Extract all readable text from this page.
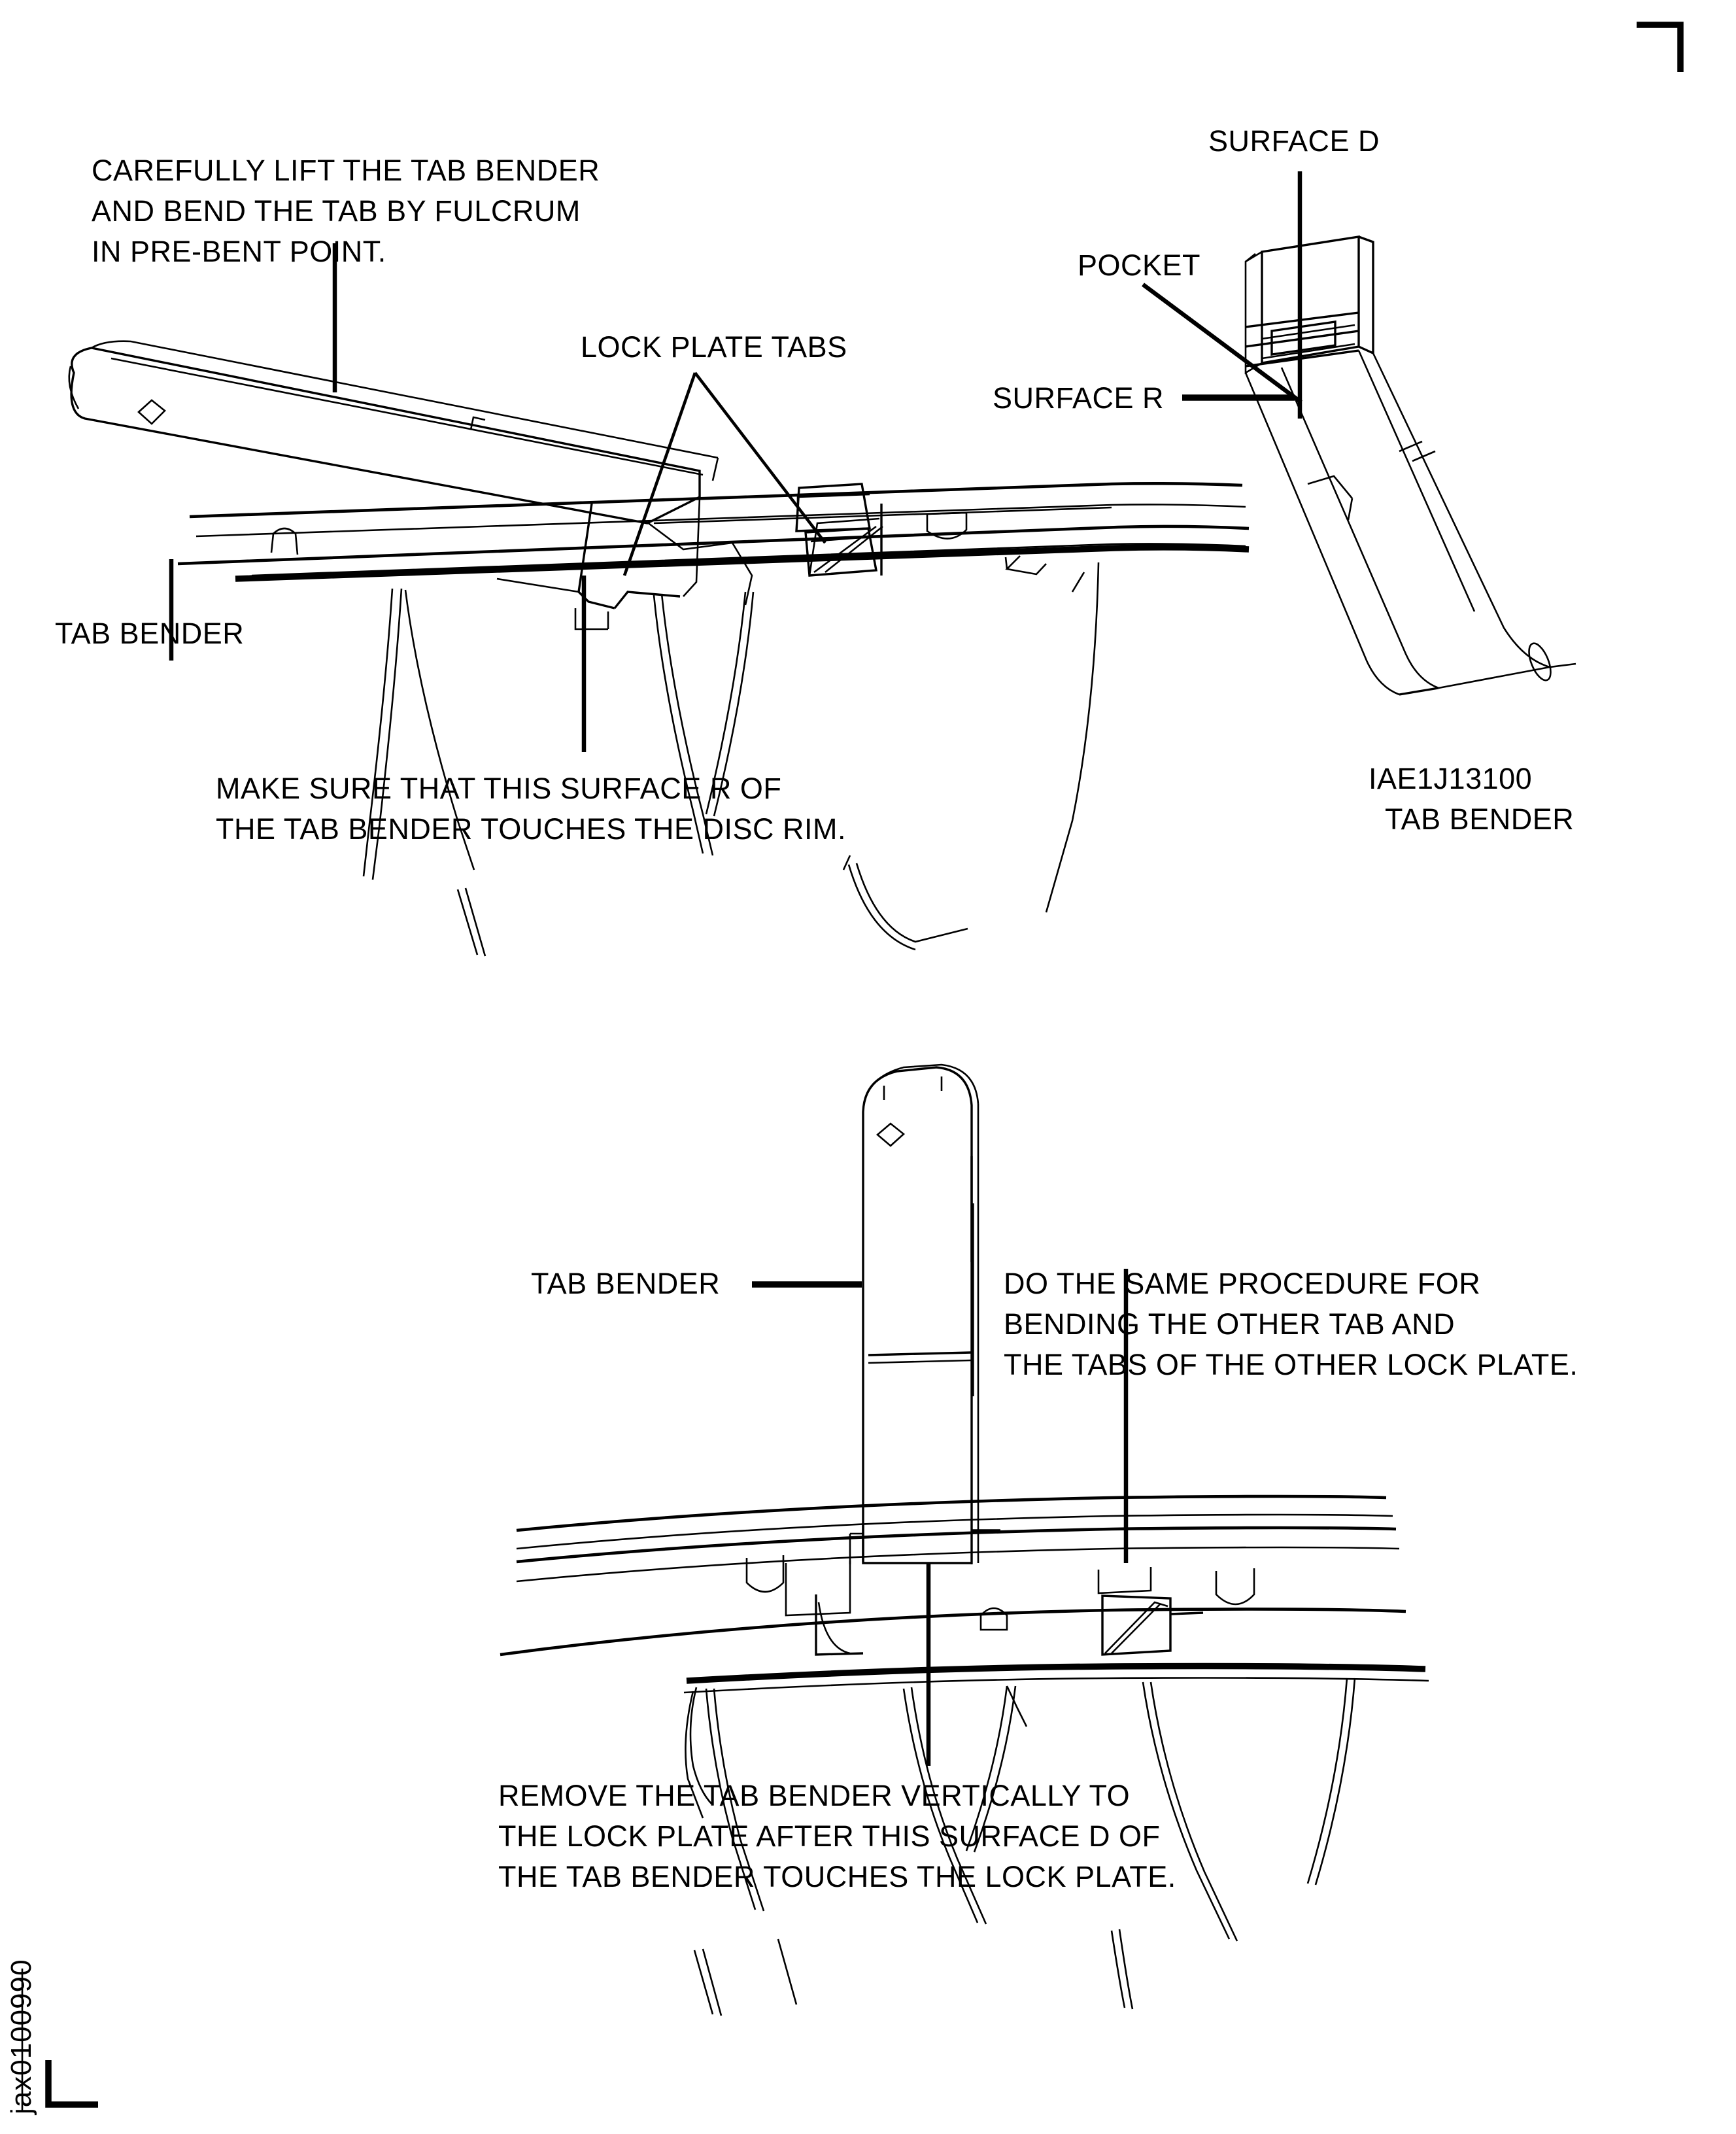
CAREFULLY LIFT THE TAB BENDER
AND BEND THE TAB BY FULCRUM
IN PRE-BENT POINT.
LOCK PLATE TABS
TAB BENDER
MAKE SURE THAT THIS SURFACE R OF
THE TAB BENDER TOUCHES THE DISC RIM.
SURFACE D
POCKET
SURFACE R
IAE1J13100
TAB BENDER
TAB BENDER	DO THE SAME PROCEDURE FOR
BENDING THE OTHER TAB AND
THE TABS OF THE OTHER LOCK PLATE.
REMOVE THE TAB BENDER VERTICALLY TO
THE LOCK PLATE AFTER THIS SURFACE D OF
THE TAB BENDER TOUCHES THE LOCK PLATE.
jax0100990
